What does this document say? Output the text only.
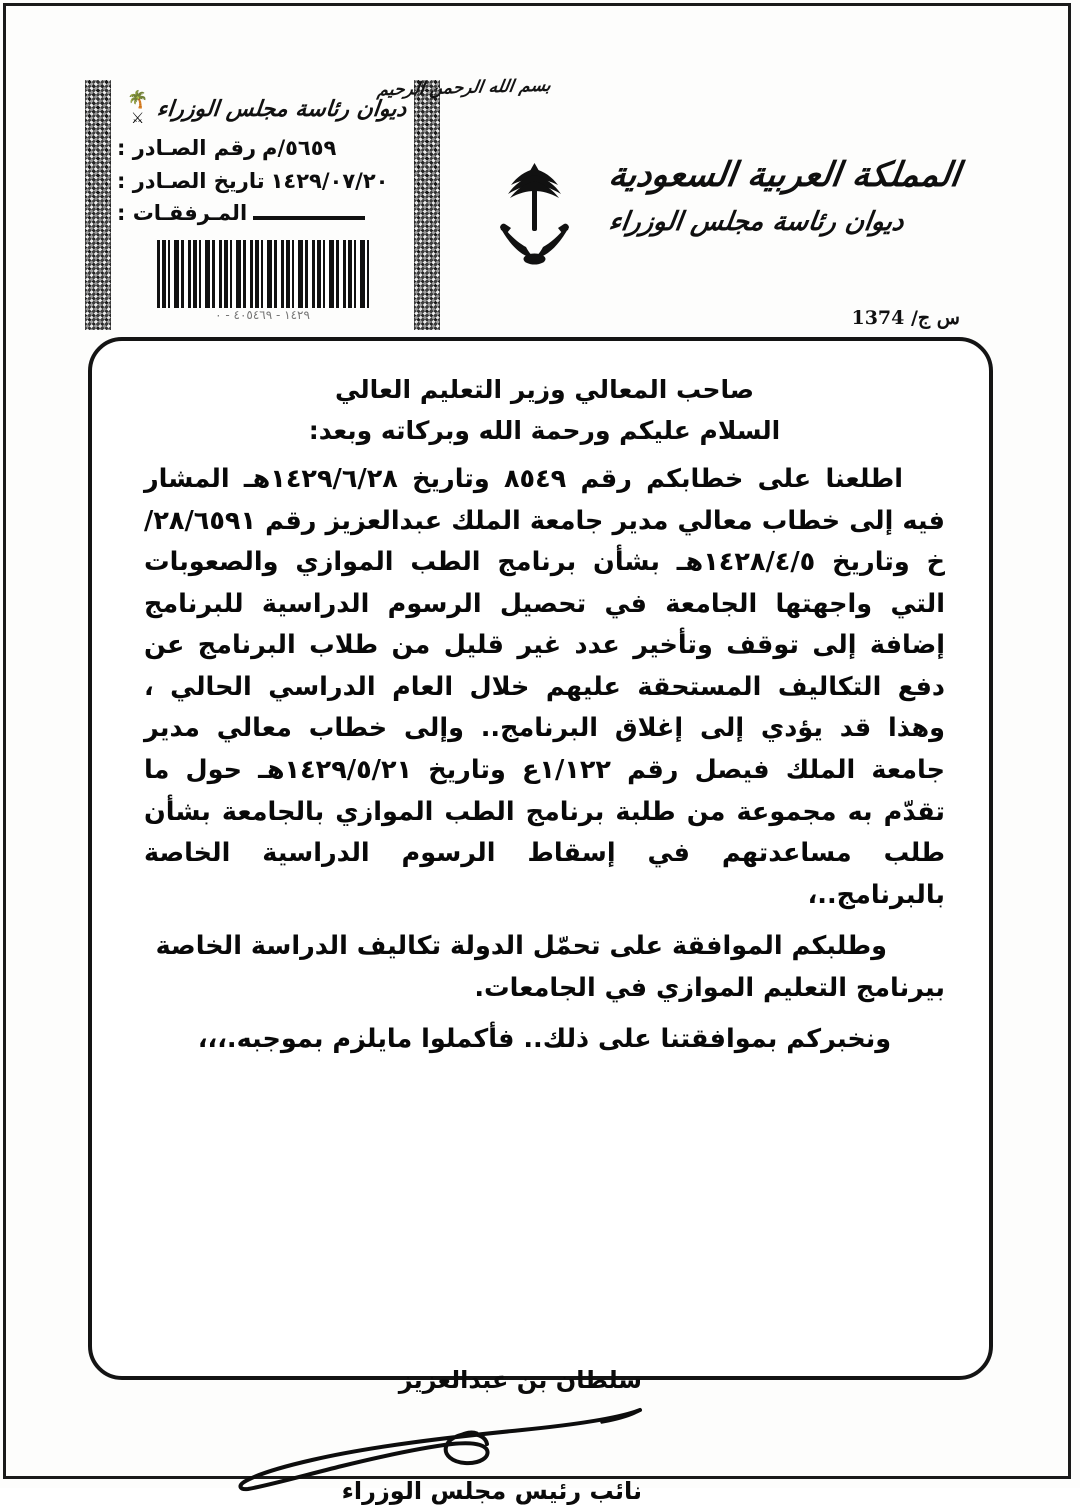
ديوان رئاسة مجلس الوزراء
🌴
⚔
٥٦٥٩/م
رقم الصـادر :
١٤٢٩/٠٧/٢٠
تاريخ الصـادر :
المـرفقـات :
١٤٢٩ - ٤٠٥٤٦٩ - ٠
بسم الله الرحمن الرحيم
المملكة العربية السعودية
ديوان رئاسة مجلس الوزراء
س ج/ 1374
صاحب المعالي وزير التعليم العالي
السلام عليكم ورحمة الله وبركاته وبعد:

اطلعنا على خطابكم رقم ٨٥٤٩ وتاريخ ١٤٢٩/٦/٢٨هـ المشار فيه إلى خطاب معالي مدير جامعة الملك عبدالعزيز رقم ٢٨/٦٥٩١/خ وتاريخ ١٤٢٨/٤/٥هـ بشأن برنامج الطب الموازي والصعوبات التي واجهتها الجامعة في تحصيل الرسوم الدراسية للبرنامج إضافة إلى توقف وتأخير عدد غير قليل من طلاب البرنامج عن دفع التكاليف المستحقة عليهم خلال العام الدراسي الحالي ، وهذا قد يؤدي إلى إغلاق البرنامج.. وإلى خطاب معالي مدير جامعة الملك فيصل رقم ١/١٢٢ع وتاريخ ١٤٢٩/٥/٢١هـ حول ما تقدّم به مجموعة من طلبة برنامج الطب الموازي بالجامعة بشأن طلب مساعدتهم في إسقاط الرسوم الدراسية الخاصة بالبرنامج..،

وطلبكم الموافقة على تحمّل الدولة تكاليف الدراسة الخاصة بيرنامج التعليم الموازي في الجامعات.

ونخبركم بموافقتنا على ذلك.. فأكملوا مايلزم بموجبه.،،،

سلطان بن عبدالعزيز
نائب رئيس مجلس الوزراء
